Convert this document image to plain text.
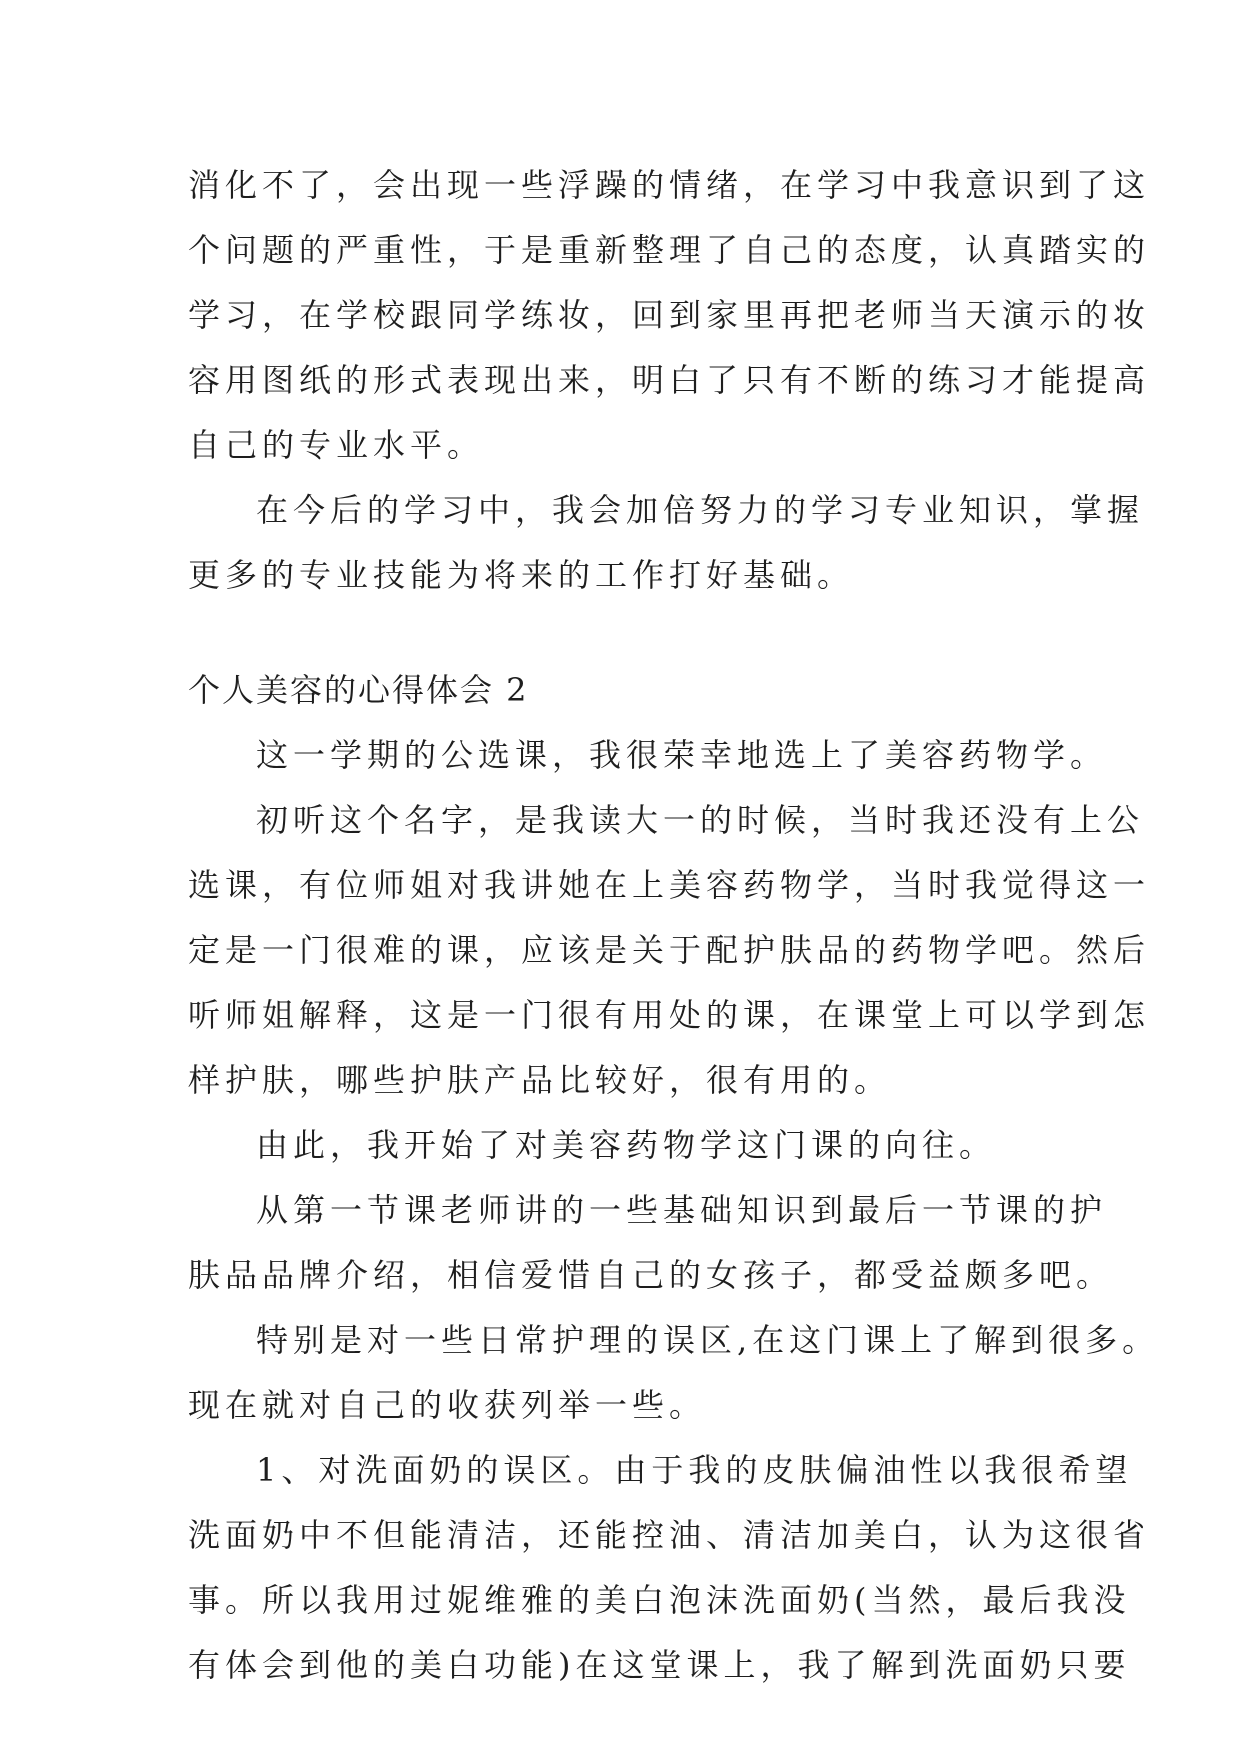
消化不了，会出现一些浮躁的情绪，在学习中我意识到了这
个问题的严重性，于是重新整理了自己的态度，认真踏实的
学习，在学校跟同学练妆，回到家里再把老师当天演示的妆
容用图纸的形式表现出来，明白了只有不断的练习才能提高
自己的专业水平。
在今后的学习中，我会加倍努力的学习专业知识，掌握
更多的专业技能为将来的工作打好基础。
个人美容的心得体会 2
这一学期的公选课，我很荣幸地选上了美容药物学。
初听这个名字，是我读大一的时候，当时我还没有上公
选课，有位师姐对我讲她在上美容药物学，当时我觉得这一
定是一门很难的课，应该是关于配护肤品的药物学吧。然后
听师姐解释，这是一门很有用处的课，在课堂上可以学到怎
样护肤，哪些护肤产品比较好，很有用的。
由此，我开始了对美容药物学这门课的向往。
从第一节课老师讲的一些基础知识到最后一节课的护
肤品品牌介绍，相信爱惜自己的女孩子，都受益颇多吧。
特别是对一些日常护理的误区,在这门课上了解到很多。
现在就对自己的收获列举一些。
1、对洗面奶的误区。由于我的皮肤偏油性以我很希望
洗面奶中不但能清洁，还能控油、清洁加美白，认为这很省
事。所以我用过妮维雅的美白泡沫洗面奶(当然，最后我没
有体会到他的美白功能)在这堂课上，我了解到洗面奶只要
